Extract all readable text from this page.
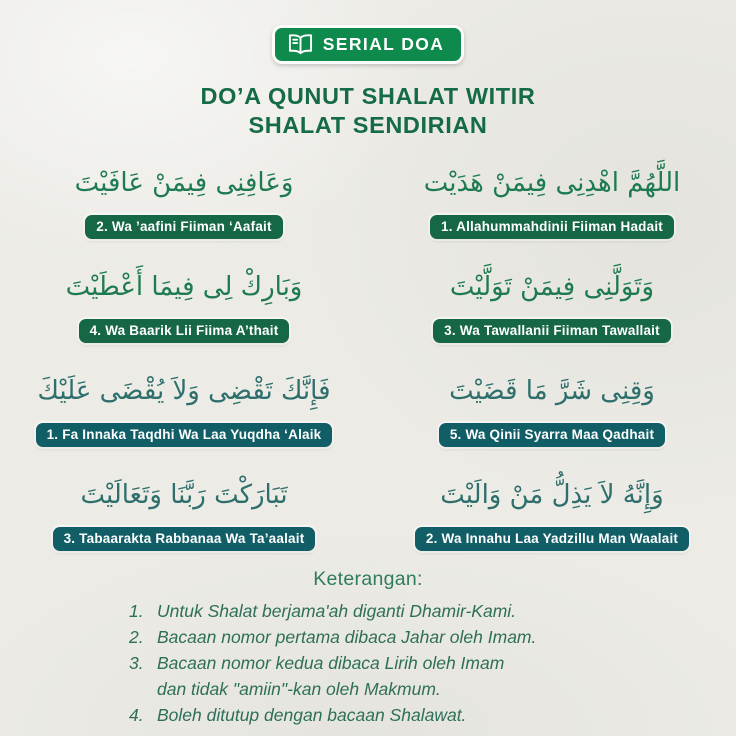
SERIAL DOA
DO’A QUNUT SHALAT WITIR
SHALAT SENDIRIAN
وَعَافِنِى فِيمَنْ عَافَيْتَ
2. Wa ’aafini Fiiman ‘Aafait
اللَّهُمَّ اهْدِنِى فِيمَنْ هَدَيْت
1. Allahummahdinii Fiiman Hadait
وَبَارِكْ لِى فِيمَا أَعْطَيْتَ
4. Wa Baarik Lii Fiima A’thait
وَتَوَلَّنِى فِيمَنْ تَوَلَّيْتَ
3. Wa Tawallanii Fiiman Tawallait
فَإِنَّكَ تَقْضِى وَلاَ يُقْضَى عَلَيْكَ
1. Fa Innaka Taqdhi Wa Laa Yuqdha ‘Alaik
وَقِنِى شَرَّ مَا قَضَيْتَ
5. Wa Qinii Syarra Maa Qadhait
تَبَارَكْتَ رَبَّنَا وَتَعَالَيْتَ
3. Tabaarakta Rabbanaa Wa Ta’aalait
وَإِنَّهُ لاَ يَذِلُّ مَنْ وَالَيْتَ
2. Wa Innahu Laa Yadzillu Man Waalait
Keterangan:
1. Untuk Shalat berjama'ah diganti Dhamir-Kami.
2. Bacaan nomor pertama dibaca Jahar oleh Imam.
3. Bacaan nomor kedua dibaca Lirih oleh Imam
dan tidak "amiin"-kan oleh Makmum.
4. Boleh ditutup dengan bacaan Shalawat.
